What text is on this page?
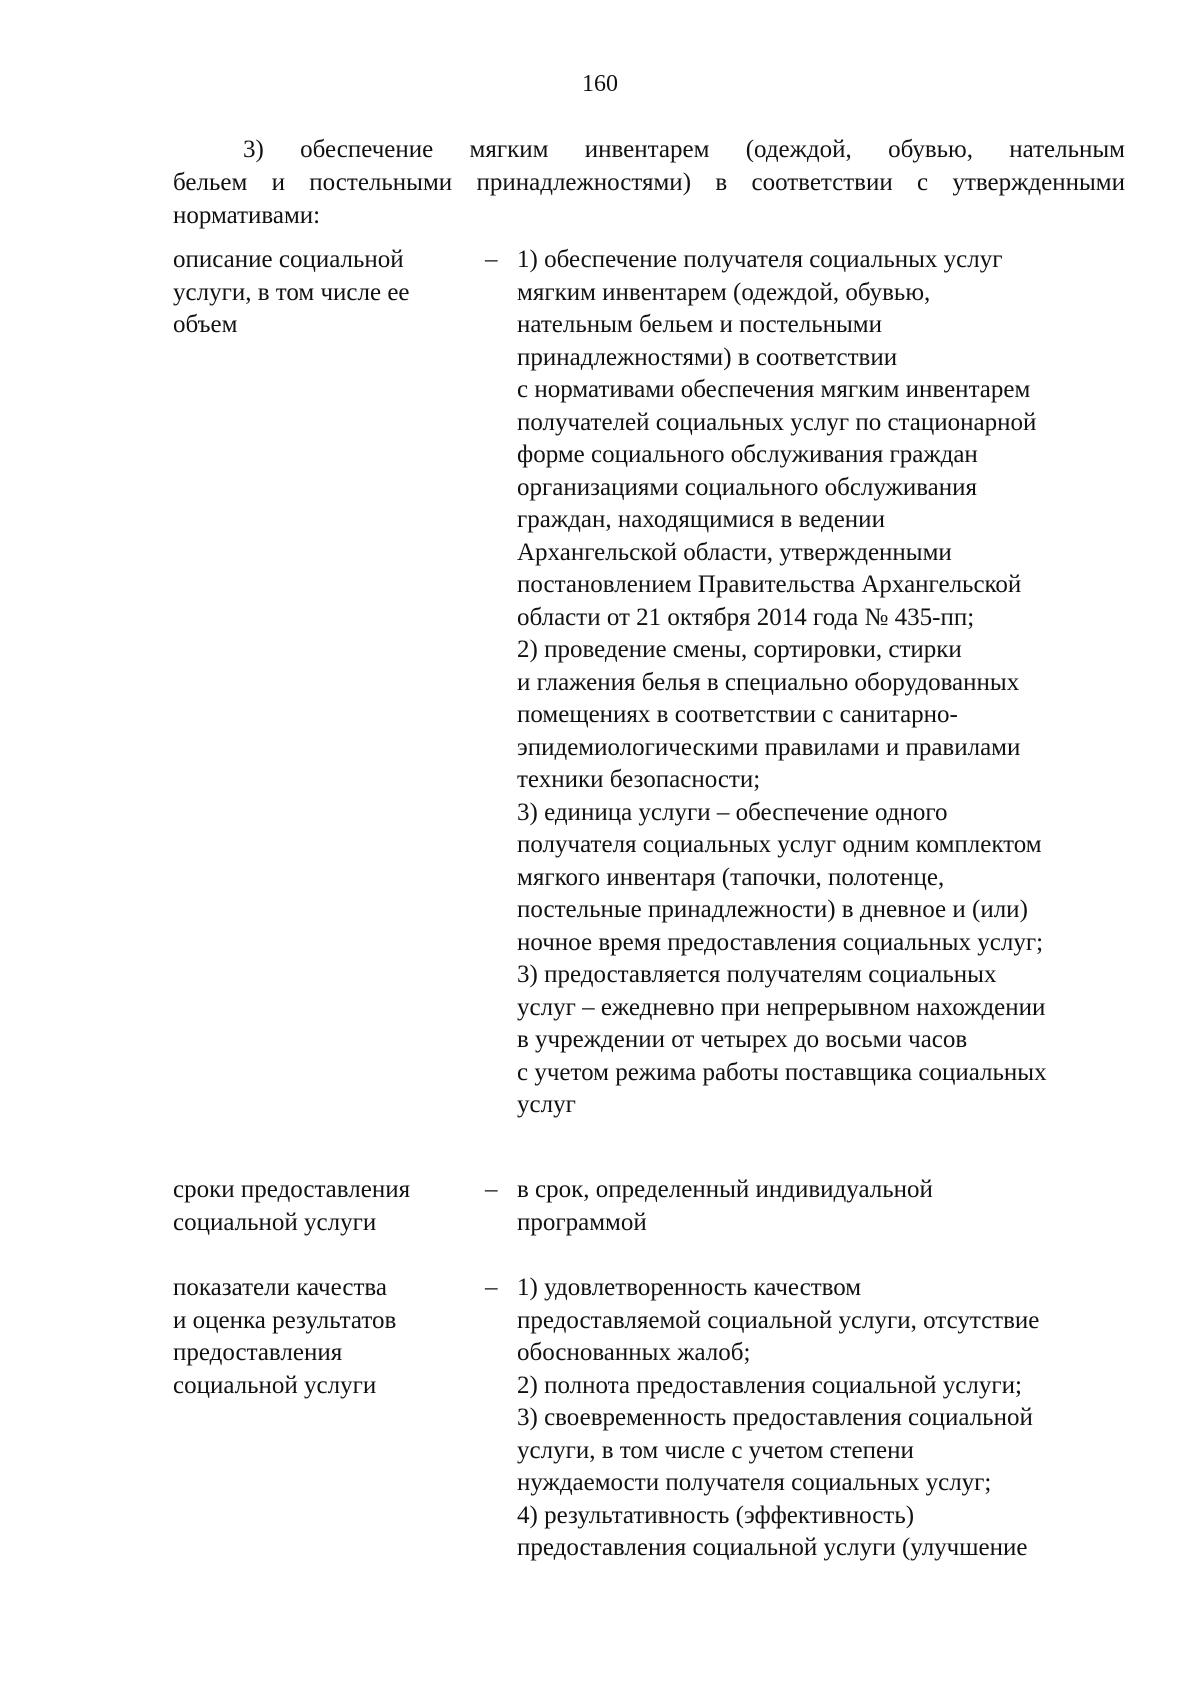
160
3) обеспечение мягким инвентарем (одеждой, обувью, нательным
бельем и постельными принадлежностями) в соответствии с утвержденными
нормативами:
описание социальной
услуги, в том числе ее
объем
– 1) обеспечение получателя социальных услуг
мягким инвентарем (одеждой, обувью,
нательным бельем и постельными
принадлежностями) в соответствии
с нормативами обеспечения мягким инвентарем
получателей социальных услуг по стационарной
форме социального обслуживания граждан
организациями социального обслуживания
граждан, находящимися в ведении
Архангельской области, утвержденными
постановлением Правительства Архангельской
области от 21 октября 2014 года № 435-пп;
2) проведение смены, сортировки, стирки
и глажения белья в специально оборудованных
помещениях в соответствии с санитарно-
эпидемиологическими правилами и правилами
техники безопасности;
3) единица услуги – обеспечение одного
получателя социальных услуг одним комплектом
мягкого инвентаря (тапочки, полотенце,
постельные принадлежности) в дневное и (или)
ночное время предоставления социальных услуг;
3) предоставляется получателям социальных
услуг – ежедневно при непрерывном нахождении
в учреждении от четырех до восьми часов
с учетом режима работы поставщика социальных
услуг
сроки предоставления
социальной услуги
– в срок, определенный индивидуальной
программой
показатели качества
и оценка результатов
предоставления
социальной услуги
– 1) удовлетворенность качеством
предоставляемой социальной услуги, отсутствие
обоснованных жалоб;
2) полнота предоставления социальной услуги;
3) своевременность предоставления социальной
услуги, в том числе с учетом степени
нуждаемости получателя социальных услуг;
4) результативность (эффективность)
предоставления социальной услуги (улучшение
